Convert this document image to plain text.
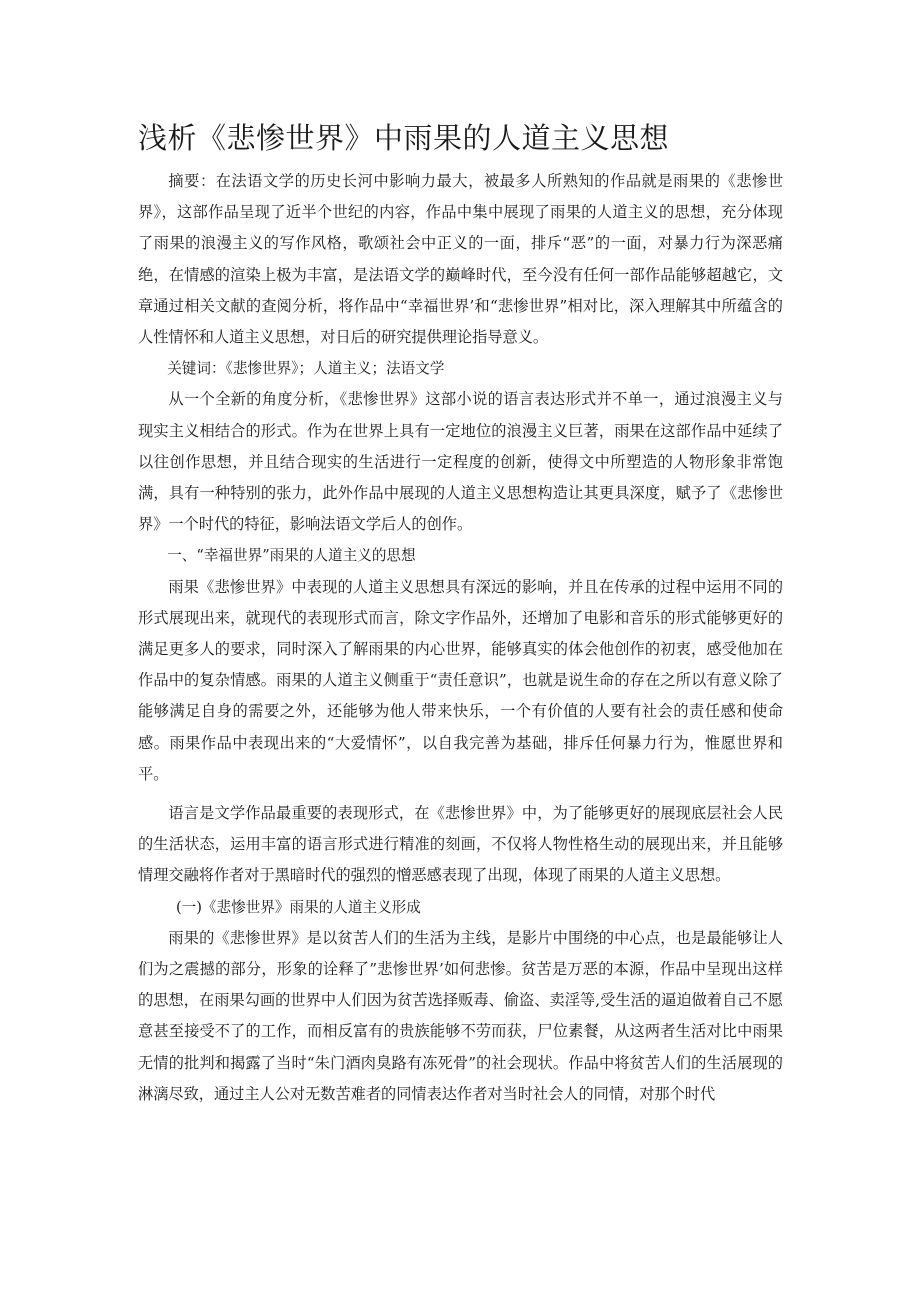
浅析《悲惨世界》中雨果的人道主义思想

摘要：在法语文学的历史长河中影响力最大，被最多人所熟知的作品就是雨果的《悲惨世界》，这部作品呈现了近半个世纪的内容，作品中集中展现了雨果的人道主义的思想，充分体现了雨果的浪漫主义的写作风格，歌颂社会中正义的一面，排斥“恶”的一面，对暴力行为深恶痛绝，在情感的渲染上极为丰富，是法语文学的巅峰时代，至今没有任何一部作品能够超越它，文章通过相关文献的查阅分析，将作品中“幸福世界’和“悲惨世界”相对比，深入理解其中所蕴含的人性情怀和人道主义思想，对日后的研究提供理论指导意义。

关键词：《悲惨世界》；人道主义；法语文学

从一个全新的角度分析，《悲惨世界》这部小说的语言表达形式并不单一，通过浪漫主义与现实主义相结合的形式。作为在世界上具有一定地位的浪漫主义巨著，雨果在这部作品中延续了以往创作思想，并且结合现实的生活进行一定程度的创新，使得文中所塑造的人物形象非常饱满，具有一种特别的张力，此外作品中展现的人道主义思想构造让其更具深度，赋予了《悲惨世界》一个时代的特征，影响法语文学后人的创作。

一、“幸福世界”雨果的人道主义的思想

雨果《悲惨世界》中表现的人道主义思想具有深远的影响，并且在传承的过程中运用不同的形式展现出来，就现代的表现形式而言，除文字作品外，还增加了电影和音乐的形式能够更好的满足更多人的要求，同时深入了解雨果的内心世界，能够真实的体会他创作的初衷，感受他加在作品中的复杂情感。雨果的人道主义侧重于“责任意识”，也就是说生命的存在之所以有意义除了能够满足自身的需要之外，还能够为他人带来快乐，一个有价值的人要有社会的责任感和使命感。雨果作品中表现出来的“大爱情怀”，以自我完善为基础，排斥任何暴力行为，惟愿世界和平。

语言是文学作品最重要的表现形式，在《悲惨世界》中，为了能够更好的展现底层社会人民的生活状态，运用丰富的语言形式进行精准的刻画，不仅将人物性格生动的展现出来，并且能够情理交融将作者对于黑暗时代的强烈的憎恶感表现了出现，体现了雨果的人道主义思想。

(一)《悲惨世界》雨果的人道主义形成

雨果的《悲惨世界》是以贫苦人们的生活为主线，是影片中围绕的中心点，也是最能够让人们为之震撼的部分，形象的诠释了”悲惨世界’如何悲惨。贫苦是万恶的本源，作品中呈现出这样的思想，在雨果勾画的世界中人们因为贫苦选择贩毒、偷盗、卖淫等,受生活的逼迫做着自己不愿意甚至接受不了的工作，而相反富有的贵族能够不劳而获，尸位素餐，从这两者生活对比中雨果无情的批判和揭露了当时“朱门酒肉臭路有冻死骨”的社会现状。作品中将贫苦人们的生活展现的淋漓尽致，通过主人公对无数苦难者的同情表达作者对当时社会人的同情，对那个时代
